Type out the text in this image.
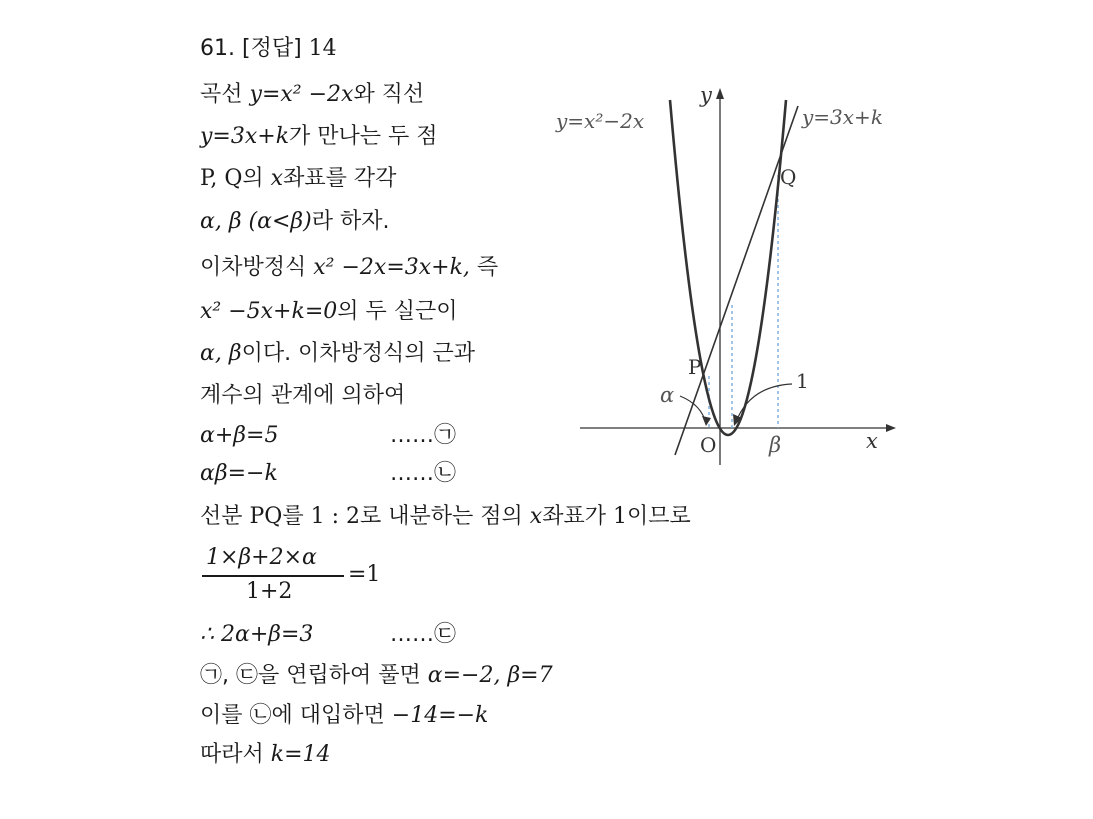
61. [정답] 14
곡선 y=x² −2x와 직선
y=3x+k가 만나는 두 점
P, Q의 x좌표를 각각
α, β (α<β)라 하자.
이차방정식 x² −2x=3x+k, 즉
x² −5x+k=0의 두 실근이
α, β이다. 이차방정식의 근과
계수의 관계에 의하여
α+β=5	……㉠
αβ=−k	……㉡
선분 PQ를 1 : 2로 내분하는 점의 x좌표가 1이므로
1×β+2×α
1+2
=1
∴ 2α+β=3	……㉢
㉠, ㉢을 연립하여 풀면 α=−2, β=7
이를 ㉡에 대입하면 −14=−k
따라서 k=14
y
x
O
y=x²−2x	y=3x+k
P
Q
α
1
β
